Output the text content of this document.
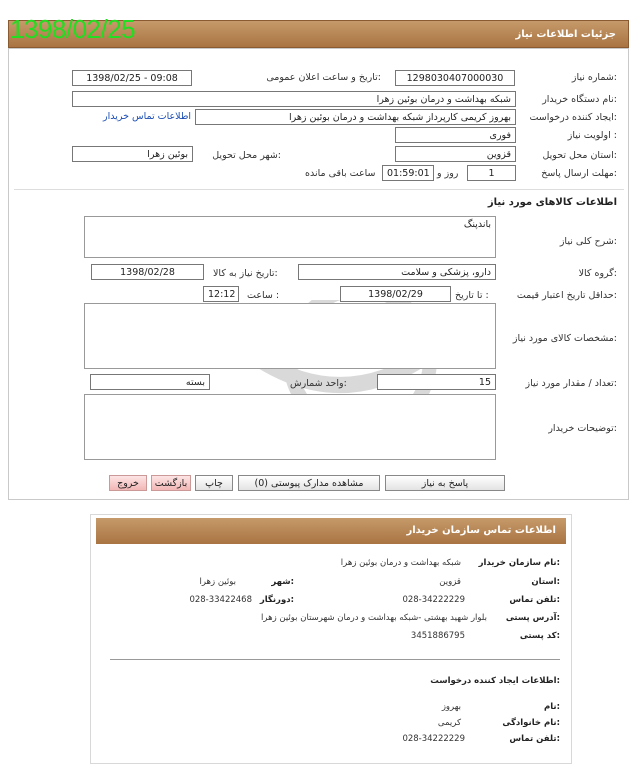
جزئیات اطلاعات نیاز
1398/02/25
شماره نیاز:
1298030407000030
تاریخ و ساعت اعلان عمومی:
1398/02/25 - 09:08
نام دستگاه خریدار:
شبکه بهداشت و درمان بوئین زهرا
ایجاد کننده درخواست:
بهروز کریمی کارپرداز شبکه بهداشت و درمان بوئین زهرا
اطلاعات تماس خریدار
اولویت نیاز :
فوری
استان محل تحویل:
قزوین
شهر محل تحویل:
بوئین زهرا
مهلت ارسال پاسخ:
1
روز و
01:59:01
ساعت باقی مانده
اطلاعات کالاهای مورد نیاز
شرح کلی نیاز:
باندپنگ
گروه کالا:
دارو، پزشکی و سلامت
تاریخ نیاز به کالا:
1398/02/28
حداقل تاریخ اعتبار قیمت:
تا تاریخ :
1398/02/29
ساعت :
12:12
مشخصات کالای مورد نیاز:
تعداد / مقدار مورد نیاز:
15
واحد شمارش:
بسته
توضیحات خریدار:
پاسخ به نیاز
مشاهده مدارک پیوستی (0)
چاپ
بازگشت
خروج
اطلاعات تماس سازمان خریدار
نام سازمان خریدار:
شبکه بهداشت و درمان بوئین زهرا
استان:
قزوین
شهر:
بوئین زهرا
تلفن تماس:
028-34222229
دورنگار:
028-33422468
آدرس پستی:
بلوار شهید بهشتی -شبکه بهداشت و درمان شهرستان بوئین زهرا
کد پستی:
3451886795
اطلاعات ایجاد کننده درخواست:
نام:
بهروز
نام خانوادگی:
کریمی
تلفن تماس:
028-34222229
